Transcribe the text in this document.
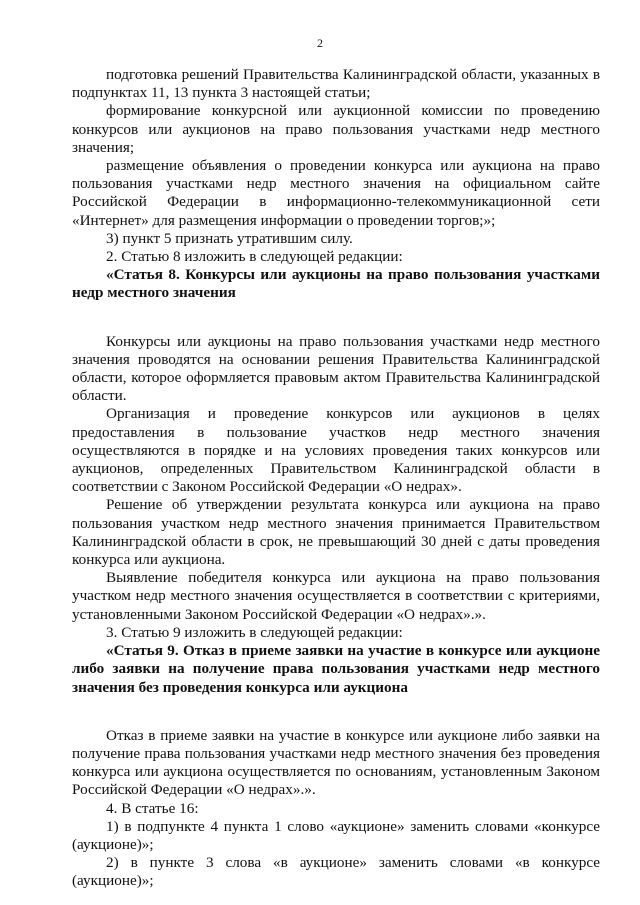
2

подготовка решений Правительства Калининградской области, указанных в подпунктах 11, 13 пункта 3 настоящей статьи;

формирование конкурсной или аукционной комиссии по проведению конкурсов или аукционов на право пользования участками недр местного значения;

размещение объявления о проведении конкурса или аукциона на право пользования участками недр местного значения на официальном сайте Российской Федерации в информационно-телекоммуникационной сети «Интернет» для размещения информации о проведении торгов;»;

3) пункт 5 признать утратившим силу.

2. Статью 8 изложить в следующей редакции:

«Статья 8. Конкурсы или аукционы на право пользования участками недр местного значения

Конкурсы или аукционы на право пользования участками недр местного значения проводятся на основании решения Правительства Калининградской области, которое оформляется правовым актом Правительства Калининградской области.

Организация и проведение конкурсов или аукционов в целях предоставления в пользование участков недр местного значения осуществляются в порядке и на условиях проведения таких конкурсов или аукционов, определенных Правительством Калининградской области в соответствии с Законом Российской Федерации «О недрах».

Решение об утверждении результата конкурса или аукциона на право пользования участком недр местного значения принимается Правительством Калининградской области в срок, не превышающий 30 дней с даты проведения конкурса или аукциона.

Выявление победителя конкурса или аукциона на право пользования участком недр местного значения осуществляется в соответствии с критериями, установленными Законом Российской Федерации «О недрах».».

3. Статью 9 изложить в следующей редакции:

«Статья 9. Отказ в приеме заявки на участие в конкурсе или аукционе либо заявки на получение права пользования участками недр местного значения без проведения конкурса или аукциона

Отказ в приеме заявки на участие в конкурсе или аукционе либо заявки на получение права пользования участками недр местного значения без проведения конкурса или аукциона осуществляется по основаниям, установленным Законом Российской Федерации «О недрах».».

4. В статье 16:

1) в подпункте 4 пункта 1 слово «аукционе» заменить словами «конкурсе (аукционе)»;

2) в пункте 3 слова «в аукционе» заменить словами «в конкурсе (аукционе)»;
